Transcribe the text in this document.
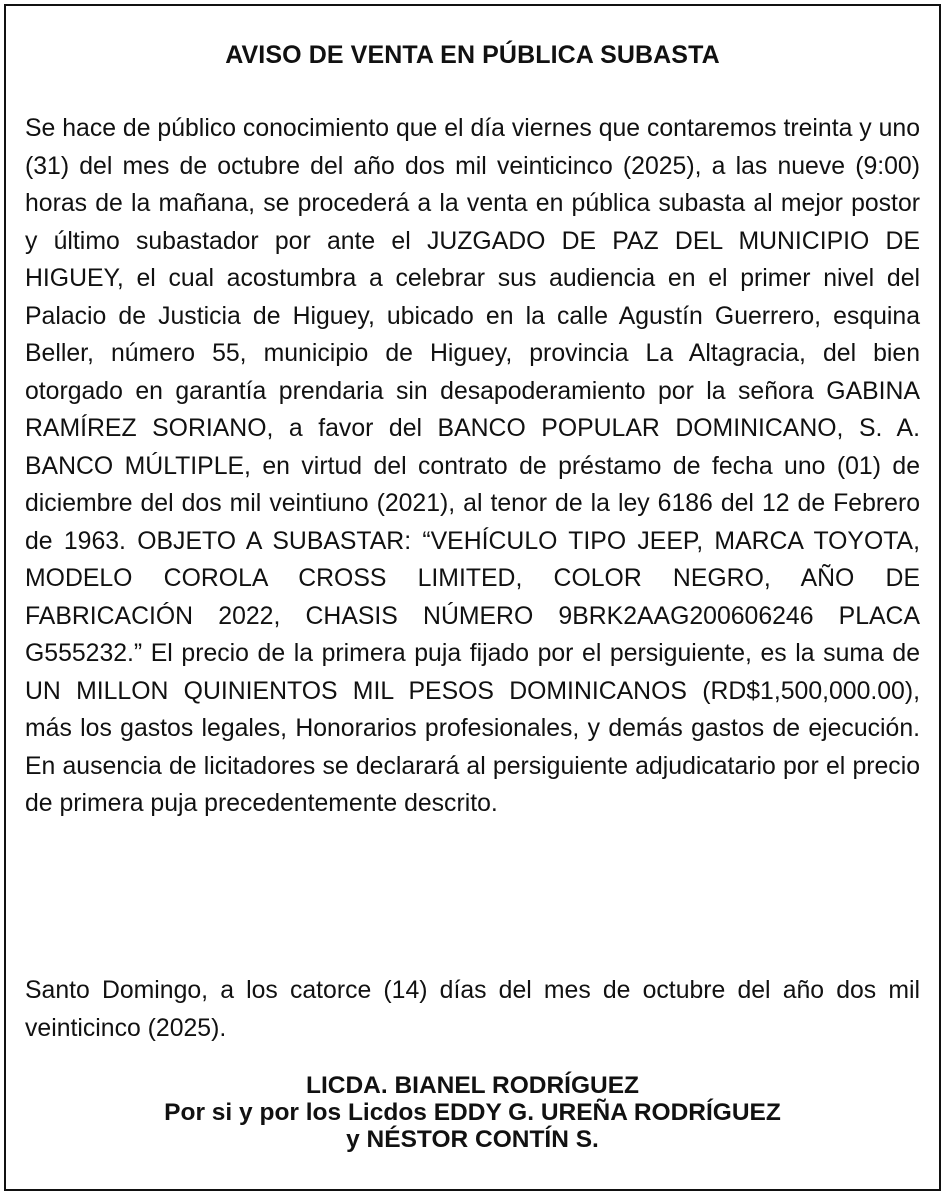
AVISO DE VENTA EN PÚBLICA SUBASTA
Se hace de público conocimiento que el día viernes que contaremos treinta y uno (31) del mes de octubre del año dos mil veinticinco (2025), a las nueve (9:00) horas de la mañana, se procederá a la venta en pública subasta al mejor postor y último subastador por ante el JUZGADO DE PAZ DEL MUNICIPIO DE HIGUEY, el cual acostumbra a celebrar sus audiencia en el primer nivel del Palacio de Justicia de Higuey, ubicado en la calle Agustín Guerrero, esquina Beller, número 55, municipio de Higuey, provincia La Altagracia, del bien otorgado en garantía prendaria sin desapoderamiento por la señora GABINA RAMÍREZ SORIANO, a favor del BANCO POPULAR DOMINICANO, S. A. BANCO MÚLTIPLE, en virtud del contrato de préstamo de fecha uno (01) de diciembre del dos mil veintiuno (2021), al tenor de la ley 6186 del 12 de Febrero de 1963. OBJETO A SUBASTAR: “VEHÍCULO TIPO JEEP, MARCA TOYOTA, MODELO COROLA CROSS LIMITED, COLOR NEGRO, AÑO DE FABRICACIÓN 2022, CHASIS NÚMERO 9BRK2AAG200606246 PLACA G555232.” El precio de la primera puja fijado por el persiguiente, es la suma de UN MILLON QUINIENTOS MIL PESOS DOMINICANOS (RD$1,500,000.00), más los gastos legales, Honorarios profesionales, y demás gastos de ejecución. En ausencia de licitadores se declarará al persiguiente adjudicatario por el precio de primera puja precedentemente descrito.
Santo Domingo, a los catorce (14) días del mes de octubre del año dos mil veinticinco (2025).
LICDA. BIANEL RODRÍGUEZ
Por si y por los Licdos EDDY G. UREÑA RODRÍGUEZ
y NÉSTOR CONTÍN S.
